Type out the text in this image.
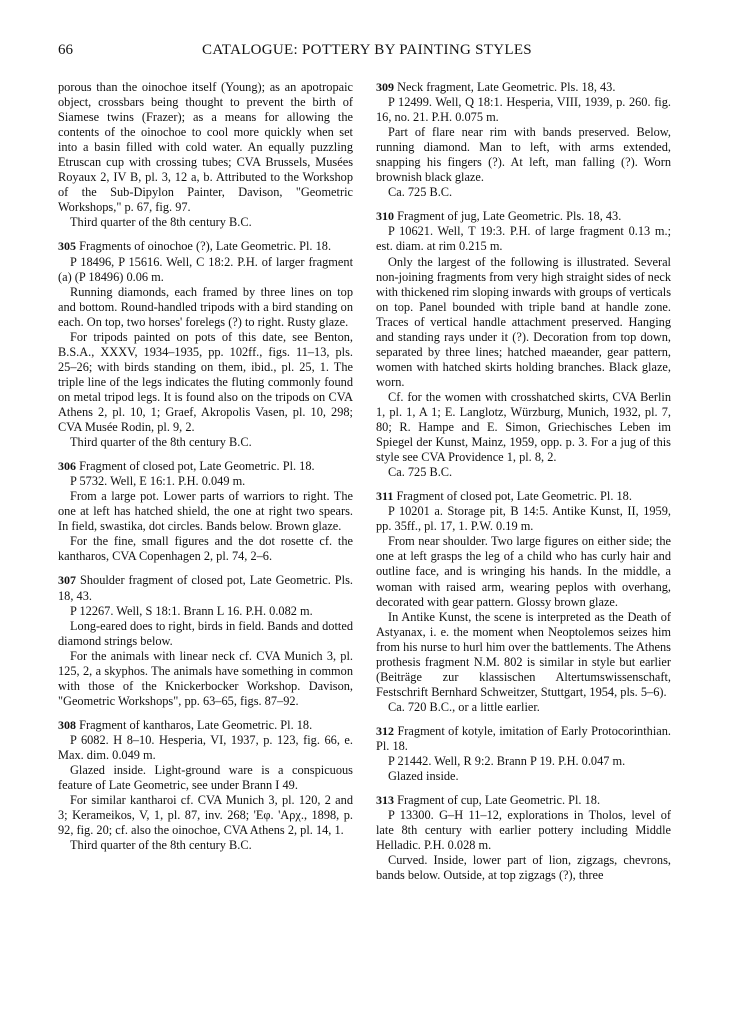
66	CATALOGUE: POTTERY BY PAINTING STYLES

porous than the oinochoe itself (Young); as an apotropaic object, crossbars being thought to prevent the birth of Siamese twins (Frazer); as a means for allowing the contents of the oinochoe to cool more quickly when set into a basin filled with cold water. An equally puzzling Etruscan cup with crossing tubes; CVA Brussels, Musées Royaux 2, IV B, pl. 3, 12 a, b. Attributed to the Workshop of the Sub-Dipylon Painter, Davison, "Geometric Workshops," p. 67, fig. 97.

Third quarter of the 8th century B.C.

305 Fragments of oinochoe (?), Late Geometric. Pl. 18.

P 18496, P 15616. Well, C 18:2. P.H. of larger fragment (a) (P 18496) 0.06 m.

Running diamonds, each framed by three lines on top and bottom. Round-handled tripods with a bird standing on each. On top, two horses' forelegs (?) to right. Rusty glaze.

For tripods painted on pots of this date, see Benton, B.S.A., XXXV, 1934–1935, pp. 102ff., figs. 11–13, pls. 25–26; with birds standing on them, ibid., pl. 25, 1. The triple line of the legs indicates the fluting commonly found on metal tripod legs. It is found also on the tripods on CVA Athens 2, pl. 10, 1; Graef, Akropolis Vasen, pl. 10, 298; CVA Musée Rodin, pl. 9, 2.

Third quarter of the 8th century B.C.

306 Fragment of closed pot, Late Geometric. Pl. 18.

P 5732. Well, E 16:1. P.H. 0.049 m.

From a large pot. Lower parts of warriors to right. The one at left has hatched shield, the one at right two spears. In field, swastika, dot circles. Bands below. Brown glaze.

For the fine, small figures and the dot rosette cf. the kantharos, CVA Copenhagen 2, pl. 74, 2–6.

307 Shoulder fragment of closed pot, Late Geometric. Pls. 18, 43.

P 12267. Well, S 18:1. Brann L 16. P.H. 0.082 m.

Long-eared does to right, birds in field. Bands and dotted diamond strings below.

For the animals with linear neck cf. CVA Munich 3, pl. 125, 2, a skyphos. The animals have something in common with those of the Knickerbocker Workshop. Davison, "Geometric Workshops", pp. 63–65, figs. 87–92.

308 Fragment of kantharos, Late Geometric. Pl. 18.

P 6082. H 8–10. Hesperia, VI, 1937, p. 123, fig. 66, e. Max. dim. 0.049 m.

Glazed inside. Light-ground ware is a conspicuous feature of Late Geometric, see under Brann I 49.

For similar kantharoi cf. CVA Munich 3, pl. 120, 2 and 3; Kerameikos, V, 1, pl. 87, inv. 268; 'Εφ. 'Αρχ., 1898, p. 92, fig. 20; cf. also the oinochoe, CVA Athens 2, pl. 14, 1.

Third quarter of the 8th century B.C.

309 Neck fragment, Late Geometric. Pls. 18, 43.

P 12499. Well, Q 18:1. Hesperia, VIII, 1939, p. 260. fig. 16, no. 21. P.H. 0.075 m.

Part of flare near rim with bands preserved. Below, running diamond. Man to left, with arms extended, snapping his fingers (?). At left, man falling (?). Worn brownish black glaze.

Ca. 725 B.C.

310 Fragment of jug, Late Geometric. Pls. 18, 43.

P 10621. Well, T 19:3. P.H. of large fragment 0.13 m.; est. diam. at rim 0.215 m.

Only the largest of the following is illustrated. Several non-joining fragments from very high straight sides of neck with thickened rim sloping inwards with groups of verticals on top. Panel bounded with triple band at handle zone. Traces of vertical handle attachment preserved. Hanging and standing rays under it (?). Decoration from top down, separated by three lines; hatched maeander, gear pattern, women with hatched skirts holding branches. Black glaze, worn.

Cf. for the women with crosshatched skirts, CVA Berlin 1, pl. 1, A 1; E. Langlotz, Würzburg, Munich, 1932, pl. 7, 80; R. Hampe and E. Simon, Griechisches Leben im Spiegel der Kunst, Mainz, 1959, opp. p. 3. For a jug of this style see CVA Providence 1, pl. 8, 2.

Ca. 725 B.C.

311 Fragment of closed pot, Late Geometric. Pl. 18.

P 10201 a. Storage pit, B 14:5. Antike Kunst, II, 1959, pp. 35ff., pl. 17, 1. P.W. 0.19 m.

From near shoulder. Two large figures on either side; the one at left grasps the leg of a child who has curly hair and outline face, and is wringing his hands. In the middle, a woman with raised arm, wearing peplos with overhang, decorated with gear pattern. Glossy brown glaze.

In Antike Kunst, the scene is interpreted as the Death of Astyanax, i. e. the moment when Neoptolemos seizes him from his nurse to hurl him over the battlements. The Athens prothesis fragment N.M. 802 is similar in style but earlier (Beiträge zur klassischen Altertumswissenschaft, Festschrift Bernhard Schweitzer, Stuttgart, 1954, pls. 5–6).

Ca. 720 B.C., or a little earlier.

312 Fragment of kotyle, imitation of Early Protocorinthian. Pl. 18.

P 21442. Well, R 9:2. Brann P 19. P.H. 0.047 m.

Glazed inside.

313 Fragment of cup, Late Geometric. Pl. 18.

P 13300. G–H 11–12, explorations in Tholos, level of late 8th century with earlier pottery including Middle Helladic. P.H. 0.028 m.

Curved. Inside, lower part of lion, zigzags, chevrons, bands below. Outside, at top zigzags (?), three
